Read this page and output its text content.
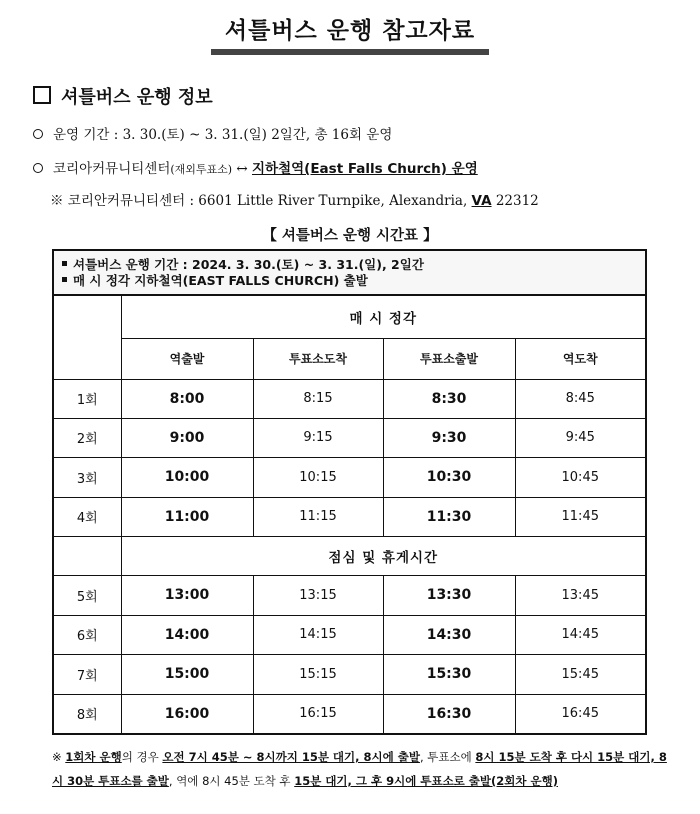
셔틀버스 운행 참고자료
셔틀버스 운행 정보
운영 기간 : 3. 30.(토) ~ 3. 31.(일) 2일간, 총 16회 운영
코리아커뮤니티센터(재외투표소) ↔ 지하철역(East Falls Church) 운영
※ 코리안커뮤니티센터 : 6601 Little River Turnpike, Alexandria, VA 22312
【 셔틀버스 운행 시간표 】
셔틀버스 운행 기간 : 2024. 3. 30.(토) ~ 3. 31.(일), 2일간
매 시 정각 지하철역(EAST FALLS CHURCH) 출발
	매 시 정각			
	역출발	투표소도착	투표소출발	역도착
1회	8:00	8:15	8:30	8:45
2회	9:00	9:15	9:30	9:45
3회	10:00	10:15	10:30	10:45
4회	11:00	11:15	11:30	11:45
	점심 및 휴게시간			
5회	13:00	13:15	13:30	13:45
6회	14:00	14:15	14:30	14:45
7회	15:00	15:15	15:30	15:45
8회	16:00	16:15	16:30	16:45
※ 1회차 운행의 경우 오전 7시 45분 ~ 8시까지 15분 대기, 8시에 출발, 투표소에 8시 15분 도착 후 다시 15분 대기, 8시 30분 투표소를 출발, 역에 8시 45분 도착 후 15분 대기, 그 후 9시에 투표소로 출발(2회차 운행)
